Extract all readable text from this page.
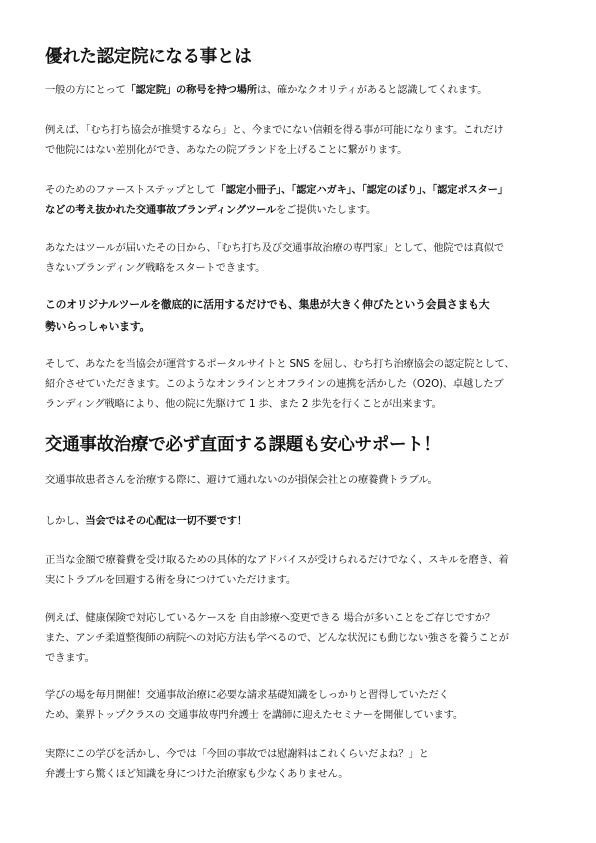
優れた認定院になる事とは

一般の方にとって「認定院」の称号を持つ場所は、確かなクオリティがあると認識してくれます。

例えば、「むち打ち協会が推奨するなら」と、今までにない信頼を得る事が可能になります。これだけ
で他院にはない差別化ができ、あなたの院ブランドを上げることに繋がります。

そのためのファーストステップとして「認定小冊子」、「認定ハガキ」、「認定のぼり」、「認定ポスター」
などの考え抜かれた交通事故ブランディングツールをご提供いたします。

あなたはツールが届いたその日から、「むち打ち及び交通事故治療の専門家」として、他院では真似で
きないブランディング戦略をスタートできます。

このオリジナルツールを徹底的に活用するだけでも、集患が大きく伸びたという会員さまも大
勢いらっしゃいます。

そして、あなたを当協会が運営するポータルサイトと SNS を屈し、むち打ち治療協会の認定院として、
紹介させていただきます。このようなオンラインとオフラインの連携を活かした（O2O)、卓越したブ
ランディング戦略により、他の院に先駆けて 1 歩、また 2 歩先を行くことが出来ます。

交通事故治療で必ず直面する課題も安心サポート！

交通事故患者さんを治療する際に、避けて通れないのが損保会社との療養費トラブル。

しかし、当会ではその心配は一切不要です！

正当な金額で療養費を受け取るための具体的なアドバイスが受けられるだけでなく、スキルを磨き、着
実にトラブルを回避する術を身につけていただけます。

例えば、健康保険で対応しているケースを 自由診療へ変更できる 場合が多いことをご存じですか？
また、アンチ柔道整復師の病院への対応方法も学べるので、どんな状況にも動じない強さを養うことが
できます。

学びの場を毎月開催！交通事故治療に必要な請求基礎知識をしっかりと習得していただく
ため、業界トップクラスの 交通事故専門弁護士 を講師に迎えたセミナーを開催しています。

実際にこの学びを活かし、今では「今回の事故では慰謝料はこれくらいだよね？」と
弁護士すら驚くほど知識を身につけた治療家も少なくありません。
